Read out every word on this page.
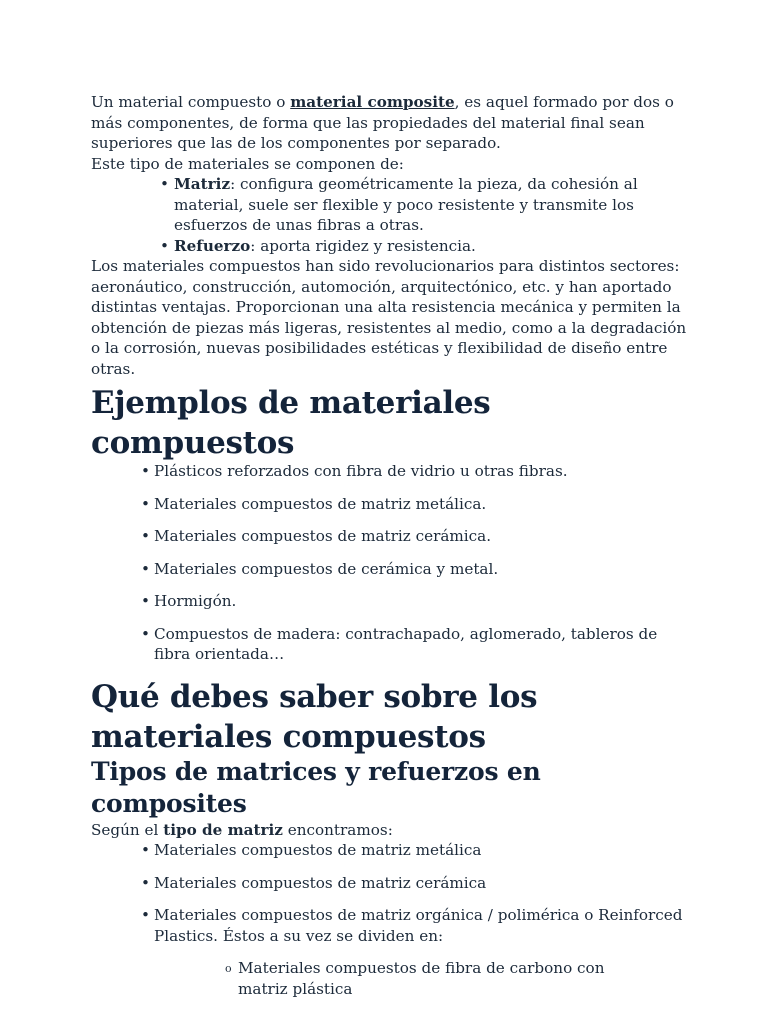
Un material compuesto o material composite, es aquel formado por dos o más componentes, de forma que las propiedades del material final sean superiores que las de los componentes por separado.

Este tipo de materiales se componen de:

• Matriz: configura geométricamente la pieza, da cohesión al material, suele ser flexible y poco resistente y transmite los esfuerzos de unas fibras a otras.
• Refuerzo: aporta rigidez y resistencia.

Los materiales compuestos han sido revolucionarios para distintos sectores: aeronáutico, construcción, automoción, arquitectónico, etc. y han aportado distintas ventajas. Proporcionan una alta resistencia mecánica y permiten la obtención de piezas más ligeras, resistentes al medio, como a la degradación o la corrosión, nuevas posibilidades estéticas y flexibilidad de diseño entre otras.

Ejemplos de materiales compuestos
• Plásticos reforzados con fibra de vidrio u otras fibras.
• Materiales compuestos de matriz metálica.
• Materiales compuestos de matriz cerámica.
• Materiales compuestos de cerámica y metal.
• Hormigón.
• Compuestos de madera: contrachapado, aglomerado, tableros de fibra orientada…
Qué debes saber sobre los materiales compuestos
Tipos de matrices y refuerzos en composites

Según el tipo de matriz encontramos:

• Materiales compuestos de matriz metálica
• Materiales compuestos de matriz cerámica
• Materiales compuestos de matriz orgánica / polimérica o Reinforced Plastics. Éstos a su vez se dividen en:
o Materiales compuestos de fibra de carbono con matriz plástica
